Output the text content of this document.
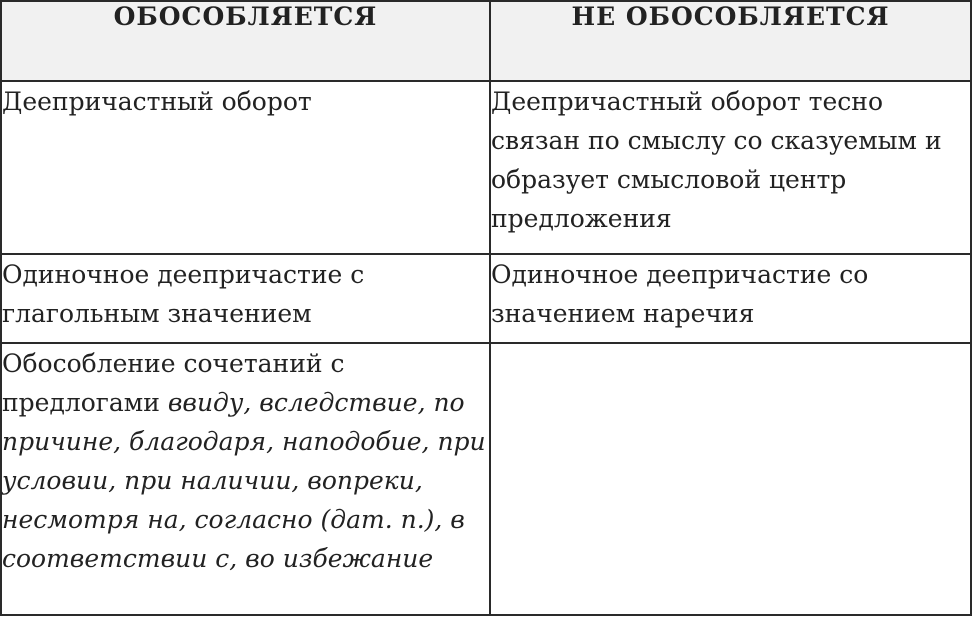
ОБОСОБЛЯЕТСЯ	НЕ ОБОСОБЛЯЕТСЯ
Деепричастный оборот	Деепричастный оборот тесно связан по смыслу со сказуемым и образует смысловой центр предложения
Одиночное деепричастие с глагольным значением	Одиночное деепричастие со значением наречия
Обособление сочетаний с предлогами ввиду, вследствие, по причине, благодаря, наподобие, при условии, при наличии, вопреки, несмотря на, согласно (дат. п.), в соответствии с, во избежание	
